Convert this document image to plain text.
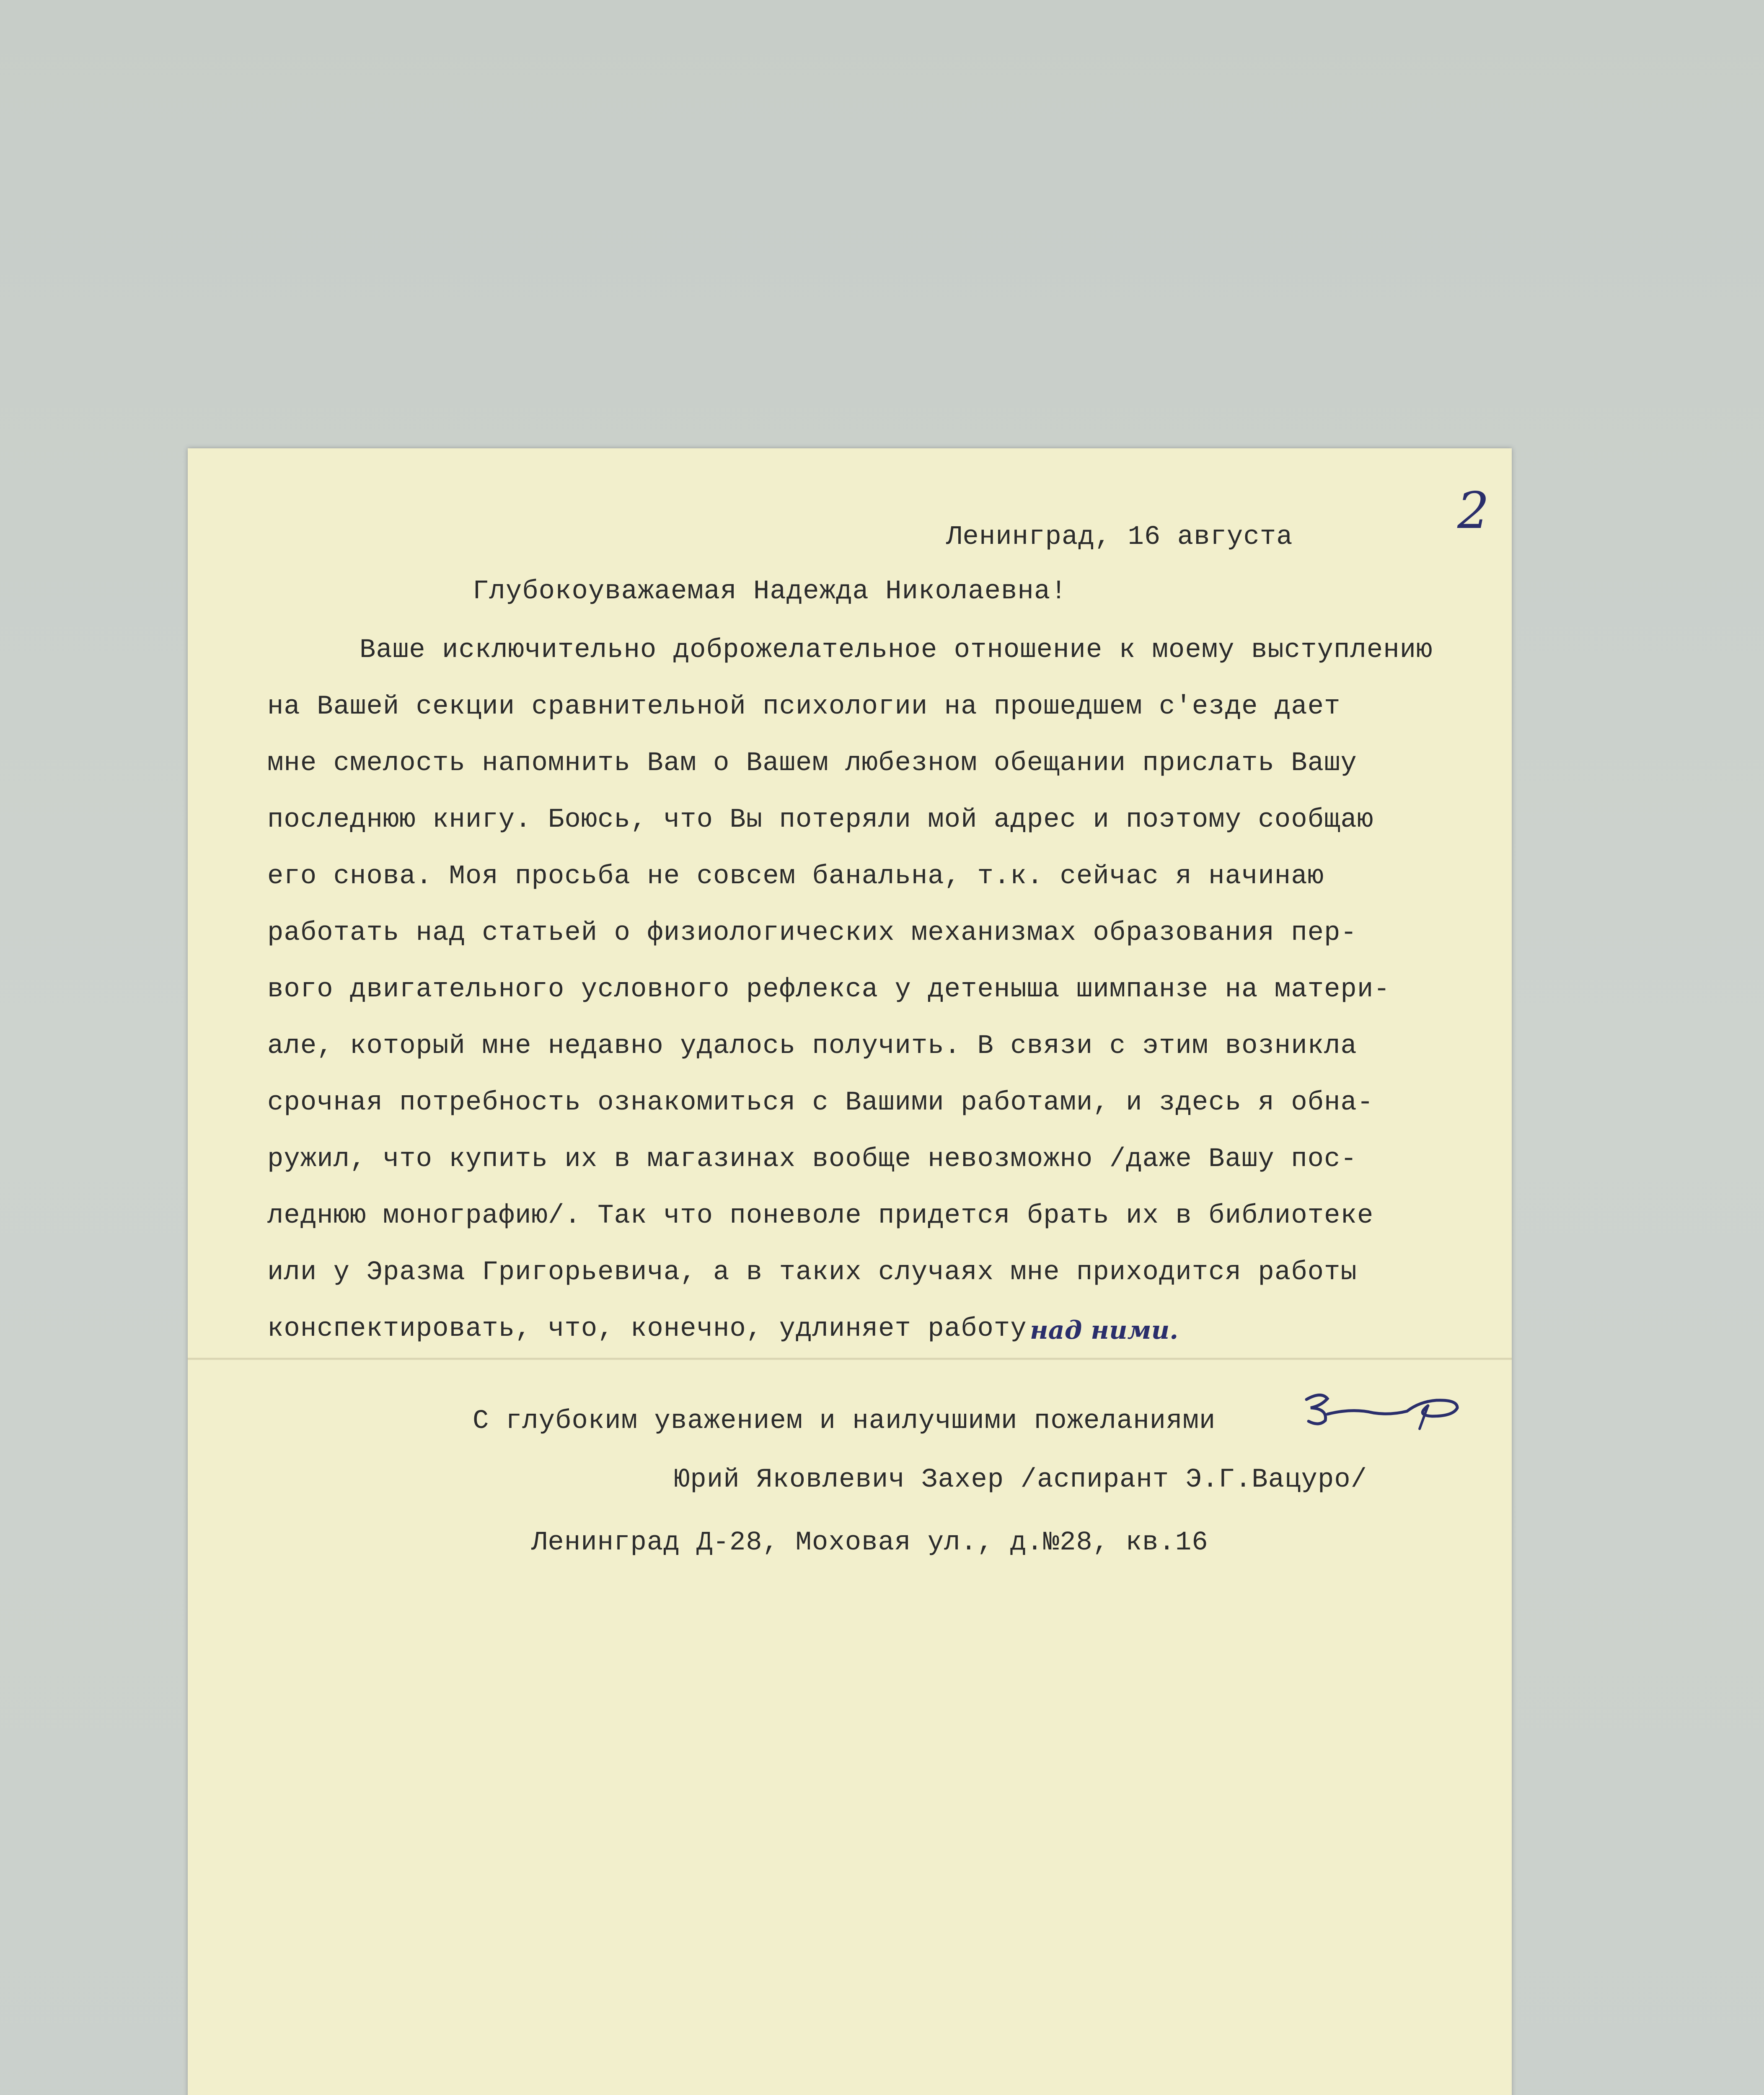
2
Ленинград, 16 августа
Глубокоуважаемая Надежда Николаевна!
Ваше исключительно доброжелательное отношение к моему выступлению
на Вашей секции сравнительной психологии на прошедшем с'езде дает
мне смелость напомнить Вам о Вашем любезном обещании прислать Вашу
последнюю книгу. Боюсь, что Вы потеряли мой адрес и поэтому сообщаю
его снова. Моя просьба не совсем банальна, т.к. сейчас я начинаю
работать над статьей о физиологических механизмах образования пер-
вого двигательного условного рефлекса у детеныша шимпанзе на матери-
але, который мне недавно удалось получить. В связи с этим возникла
срочная потребность ознакомиться с Вашими работами, и здесь я обна-
ружил, что купить их в магазинах вообще невозможно /даже Вашу пос-
леднюю монографию/. Так что поневоле придется брать их в библиотеке
или у Эразма Григорьевича, а в таких случаях мне приходится работы
конспектировать, что, конечно, удлиняет работу над ними.
С глубоким уважением и наилучшими пожеланиями
Юрий Яковлевич Захер /аспирант Э.Г.Вацуро/
Ленинград Д-28, Моховая ул., д.№28, кв.16
